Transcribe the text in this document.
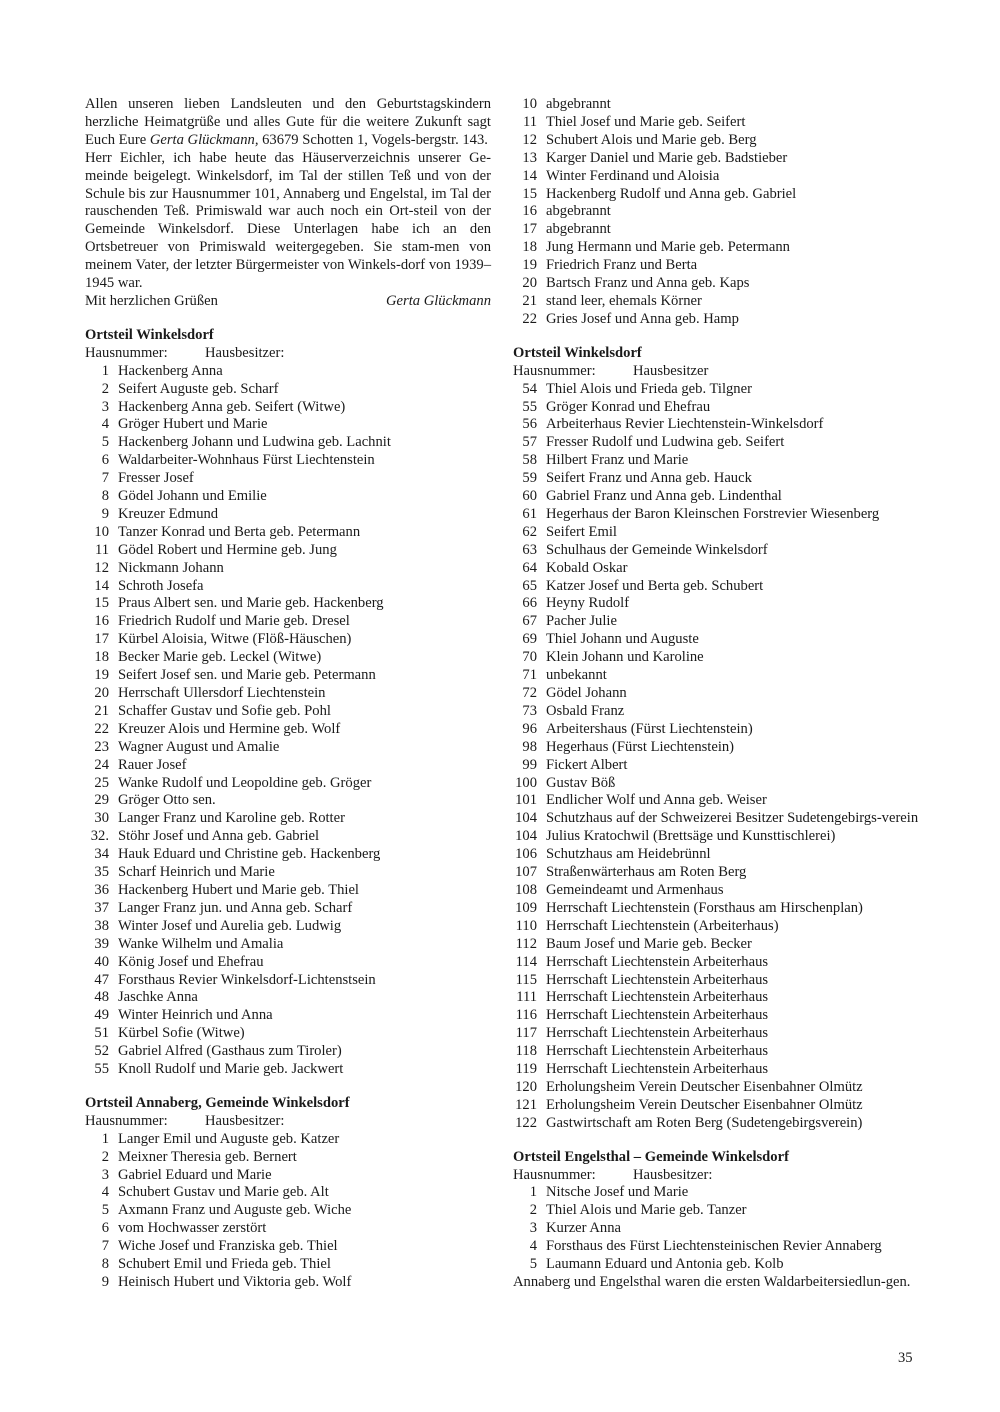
Allen unseren lieben Landsleuten und den Geburtstagskindern herzliche Heimatgrüße und alles Gute für die weitere Zukunft sagt Euch Eure Gerta Glückmann, 63679 Schotten 1, Vogels-bergstr. 143.

Herr Eichler, ich habe heute das Häuserverzeichnis unserer Ge-meinde beigelegt. Winkelsdorf, im Tal der stillen Teß und von der Schule bis zur Hausnummer 101, Annaberg und Engelstal, im Tal der rauschenden Teß. Primiswald war auch noch ein Ort-steil von der Gemeinde Winkelsdorf. Diese Unterlagen habe ich an den Ortsbetreuer von Primiswald weitergegeben. Sie stam-men von meinem Vater, der letzter Bürgermeister von Winkels-dorf von 1939–1945 war.

Mit herzlichen Grüßen	Gerta Glückmann
Ortsteil Winkelsdorf
Hausnummer:	Hausbesitzer:
1 Hackenberg Anna
2 Seifert Auguste geb. Scharf
3 Hackenberg Anna geb. Seifert (Witwe)
4 Gröger Hubert und Marie
5 Hackenberg Johann und Ludwina geb. Lachnit
6 Waldarbeiter-Wohnhaus Fürst Liechtenstein
7 Fresser Josef
8 Gödel Johann und Emilie
9 Kreuzer Edmund
10 Tanzer Konrad und Berta geb. Petermann
11 Gödel Robert und Hermine geb. Jung
12 Nickmann Johann
14 Schroth Josefa
15 Praus Albert sen. und Marie geb. Hackenberg
16 Friedrich Rudolf und Marie geb. Dresel
17 Kürbel Aloisia, Witwe (Flöß-Häuschen)
18 Becker Marie geb. Leckel (Witwe)
19 Seifert Josef sen. und Marie geb. Petermann
20 Herrschaft Ullersdorf Liechtenstein
21 Schaffer Gustav und Sofie geb. Pohl
22 Kreuzer Alois und Hermine geb. Wolf
23 Wagner August und Amalie
24 Rauer Josef
25 Wanke Rudolf und Leopoldine geb. Gröger
29 Gröger Otto sen.
30 Langer Franz und Karoline geb. Rotter
32. Stöhr Josef und Anna geb. Gabriel
34 Hauk Eduard und Christine geb. Hackenberg
35 Scharf Heinrich und Marie
36 Hackenberg Hubert und Marie geb. Thiel
37 Langer Franz jun. und Anna geb. Scharf
38 Winter Josef und Aurelia geb. Ludwig
39 Wanke Wilhelm und Amalia
40 König Josef und Ehefrau
47 Forsthaus Revier Winkelsdorf-Lichtenstsein
48 Jaschke Anna
49 Winter Heinrich und Anna
51 Kürbel Sofie (Witwe)
52 Gabriel Alfred (Gasthaus zum Tiroler)
55 Knoll Rudolf und Marie geb. Jackwert
Ortsteil Annaberg, Gemeinde Winkelsdorf
Hausnummer:	Hausbesitzer:
1 Langer Emil und Auguste geb. Katzer
2 Meixner Theresia geb. Bernert
3 Gabriel Eduard und Marie
4 Schubert Gustav und Marie geb. Alt
5 Axmann Franz und Auguste geb. Wiche
6 vom Hochwasser zerstört
7 Wiche Josef und Franziska geb. Thiel
8 Schubert Emil und Frieda geb. Thiel
9 Heinisch Hubert und Viktoria geb. Wolf
10 abgebrannt
11 Thiel Josef und Marie geb. Seifert
12 Schubert Alois und Marie geb. Berg
13 Karger Daniel und Marie geb. Badstieber
14 Winter Ferdinand und Aloisia
15 Hackenberg Rudolf und Anna geb. Gabriel
16 abgebrannt
17 abgebrannt
18 Jung Hermann und Marie geb. Petermann
19 Friedrich Franz und Berta
20 Bartsch Franz und Anna geb. Kaps
21 stand leer, ehemals Körner
22 Gries Josef und Anna geb. Hamp
Ortsteil Winkelsdorf
Hausnummer:	Hausbesitzer
54 Thiel Alois und Frieda geb. Tilgner
55 Gröger Konrad und Ehefrau
56 Arbeiterhaus Revier Liechtenstein-Winkelsdorf
57 Fresser Rudolf und Ludwina geb. Seifert
58 Hilbert Franz und Marie
59 Seifert Franz und Anna geb. Hauck
60 Gabriel Franz und Anna geb. Lindenthal
61 Hegerhaus der Baron Kleinschen Forstrevier Wiesenberg
62 Seifert Emil
63 Schulhaus der Gemeinde Winkelsdorf
64 Kobald Oskar
65 Katzer Josef und Berta geb. Schubert
66 Heyny Rudolf
67 Pacher Julie
69 Thiel Johann und Auguste
70 Klein Johann und Karoline
71 unbekannt
72 Gödel Johann
73 Osbald Franz
96 Arbeitershaus (Fürst Liechtenstein)
98 Hegerhaus (Fürst Liechtenstein)
99 Fickert Albert
100 Gustav Böß
101 Endlicher Wolf und Anna geb. Weiser
104 Schutzhaus auf der Schweizerei Besitzer Sudetengebirgs-verein
104 Julius Kratochwil (Brettsäge und Kunsttischlerei)
106 Schutzhaus am Heidebrünnl
107 Straßenwärterhaus am Roten Berg
108 Gemeindeamt und Armenhaus
109 Herrschaft Liechtenstein (Forsthaus am Hirschenplan)
110 Herrschaft Liechtenstein (Arbeiterhaus)
112 Baum Josef und Marie geb. Becker
114 Herrschaft Liechtenstein Arbeiterhaus
115 Herrschaft Liechtenstein Arbeiterhaus
111 Herrschaft Liechtenstein Arbeiterhaus
116 Herrschaft Liechtenstein Arbeiterhaus
117 Herrschaft Liechtenstein Arbeiterhaus
118 Herrschaft Liechtenstein Arbeiterhaus
119 Herrschaft Liechtenstein Arbeiterhaus
120 Erholungsheim Verein Deutscher Eisenbahner Olmütz
121 Erholungsheim Verein Deutscher Eisenbahner Olmütz
122 Gastwirtschaft am Roten Berg (Sudetengebirgsverein)
Ortsteil Engelsthal – Gemeinde Winkelsdorf
Hausnummer:	Hausbesitzer:
1 Nitsche Josef und Marie
2 Thiel Alois und Marie geb. Tanzer
3 Kurzer Anna
4 Forsthaus des Fürst Liechtensteinischen Revier Annaberg
5 Laumann Eduard und Antonia geb. Kolb
Annaberg und Engelsthal waren die ersten Waldarbeitersiedlun-gen.
35
